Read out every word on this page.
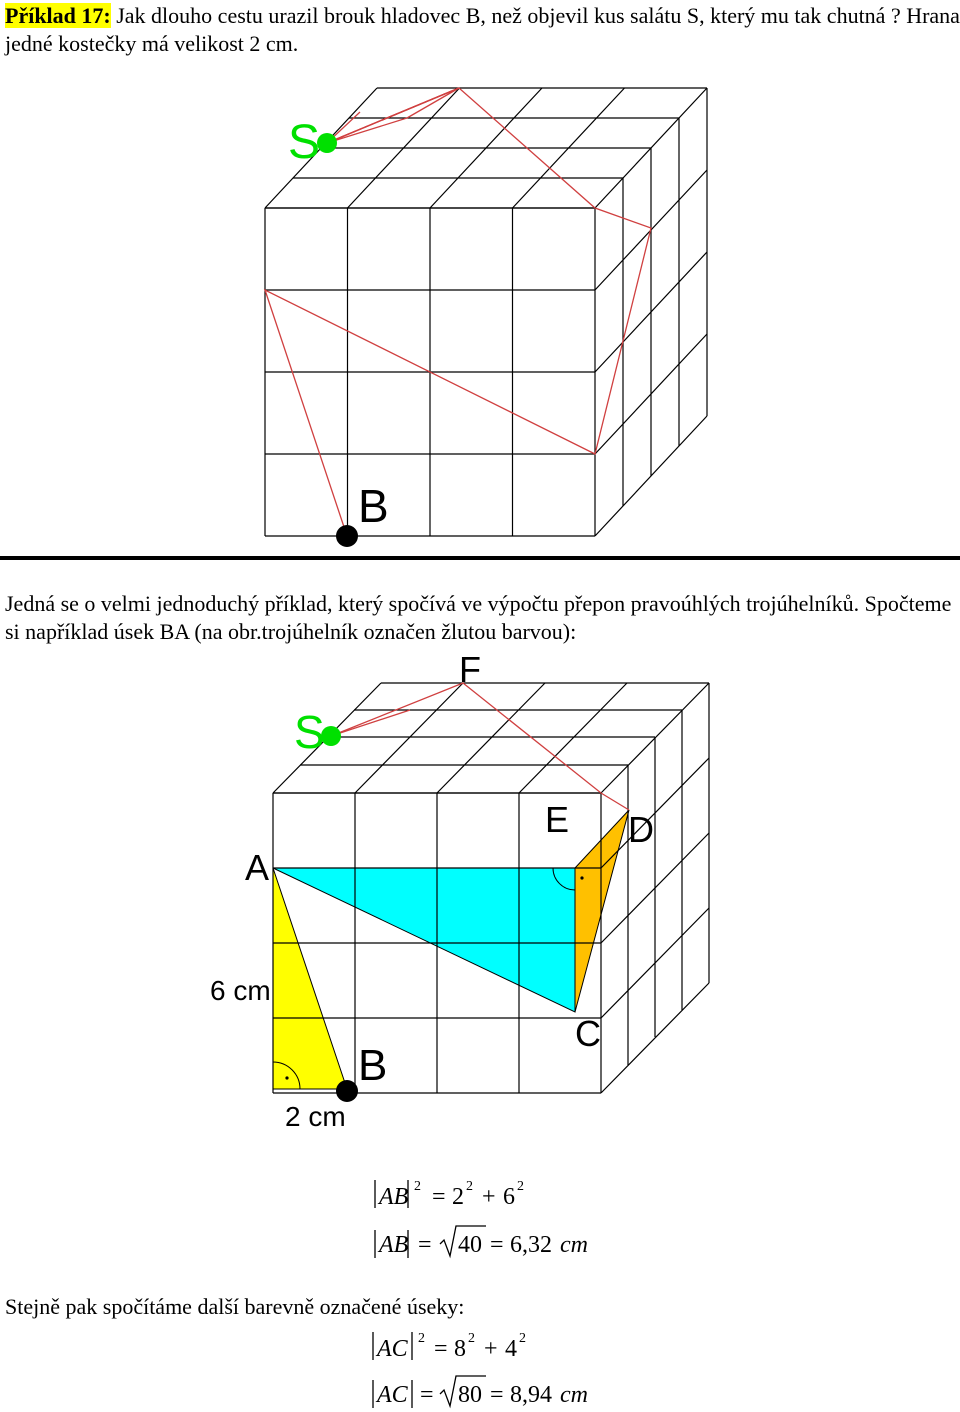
Příklad 17: Jak dlouho cestu urazil brouk hladovec B, než objevil kus salátu S, který mu tak chutná ? Hrana jedné kostečky má velikost 2 cm.

S
B
S
F
A
E D
C
B
6 cm
2 cm
AB 2 = 2 2 + 6 2
AB = 40 = 6,32 cm
AC 2 = 8 2 + 4 2
AC = 80 = 8,94 cm

Jedná se o velmi jednoduchý příklad, který spočívá ve výpočtu přepon pravoúhlých trojúhelníků. Spočteme si například úsek BA (na obr.trojúhelník označen žlutou barvou):

Stejně pak spočítáme další barevně označené úseky:
